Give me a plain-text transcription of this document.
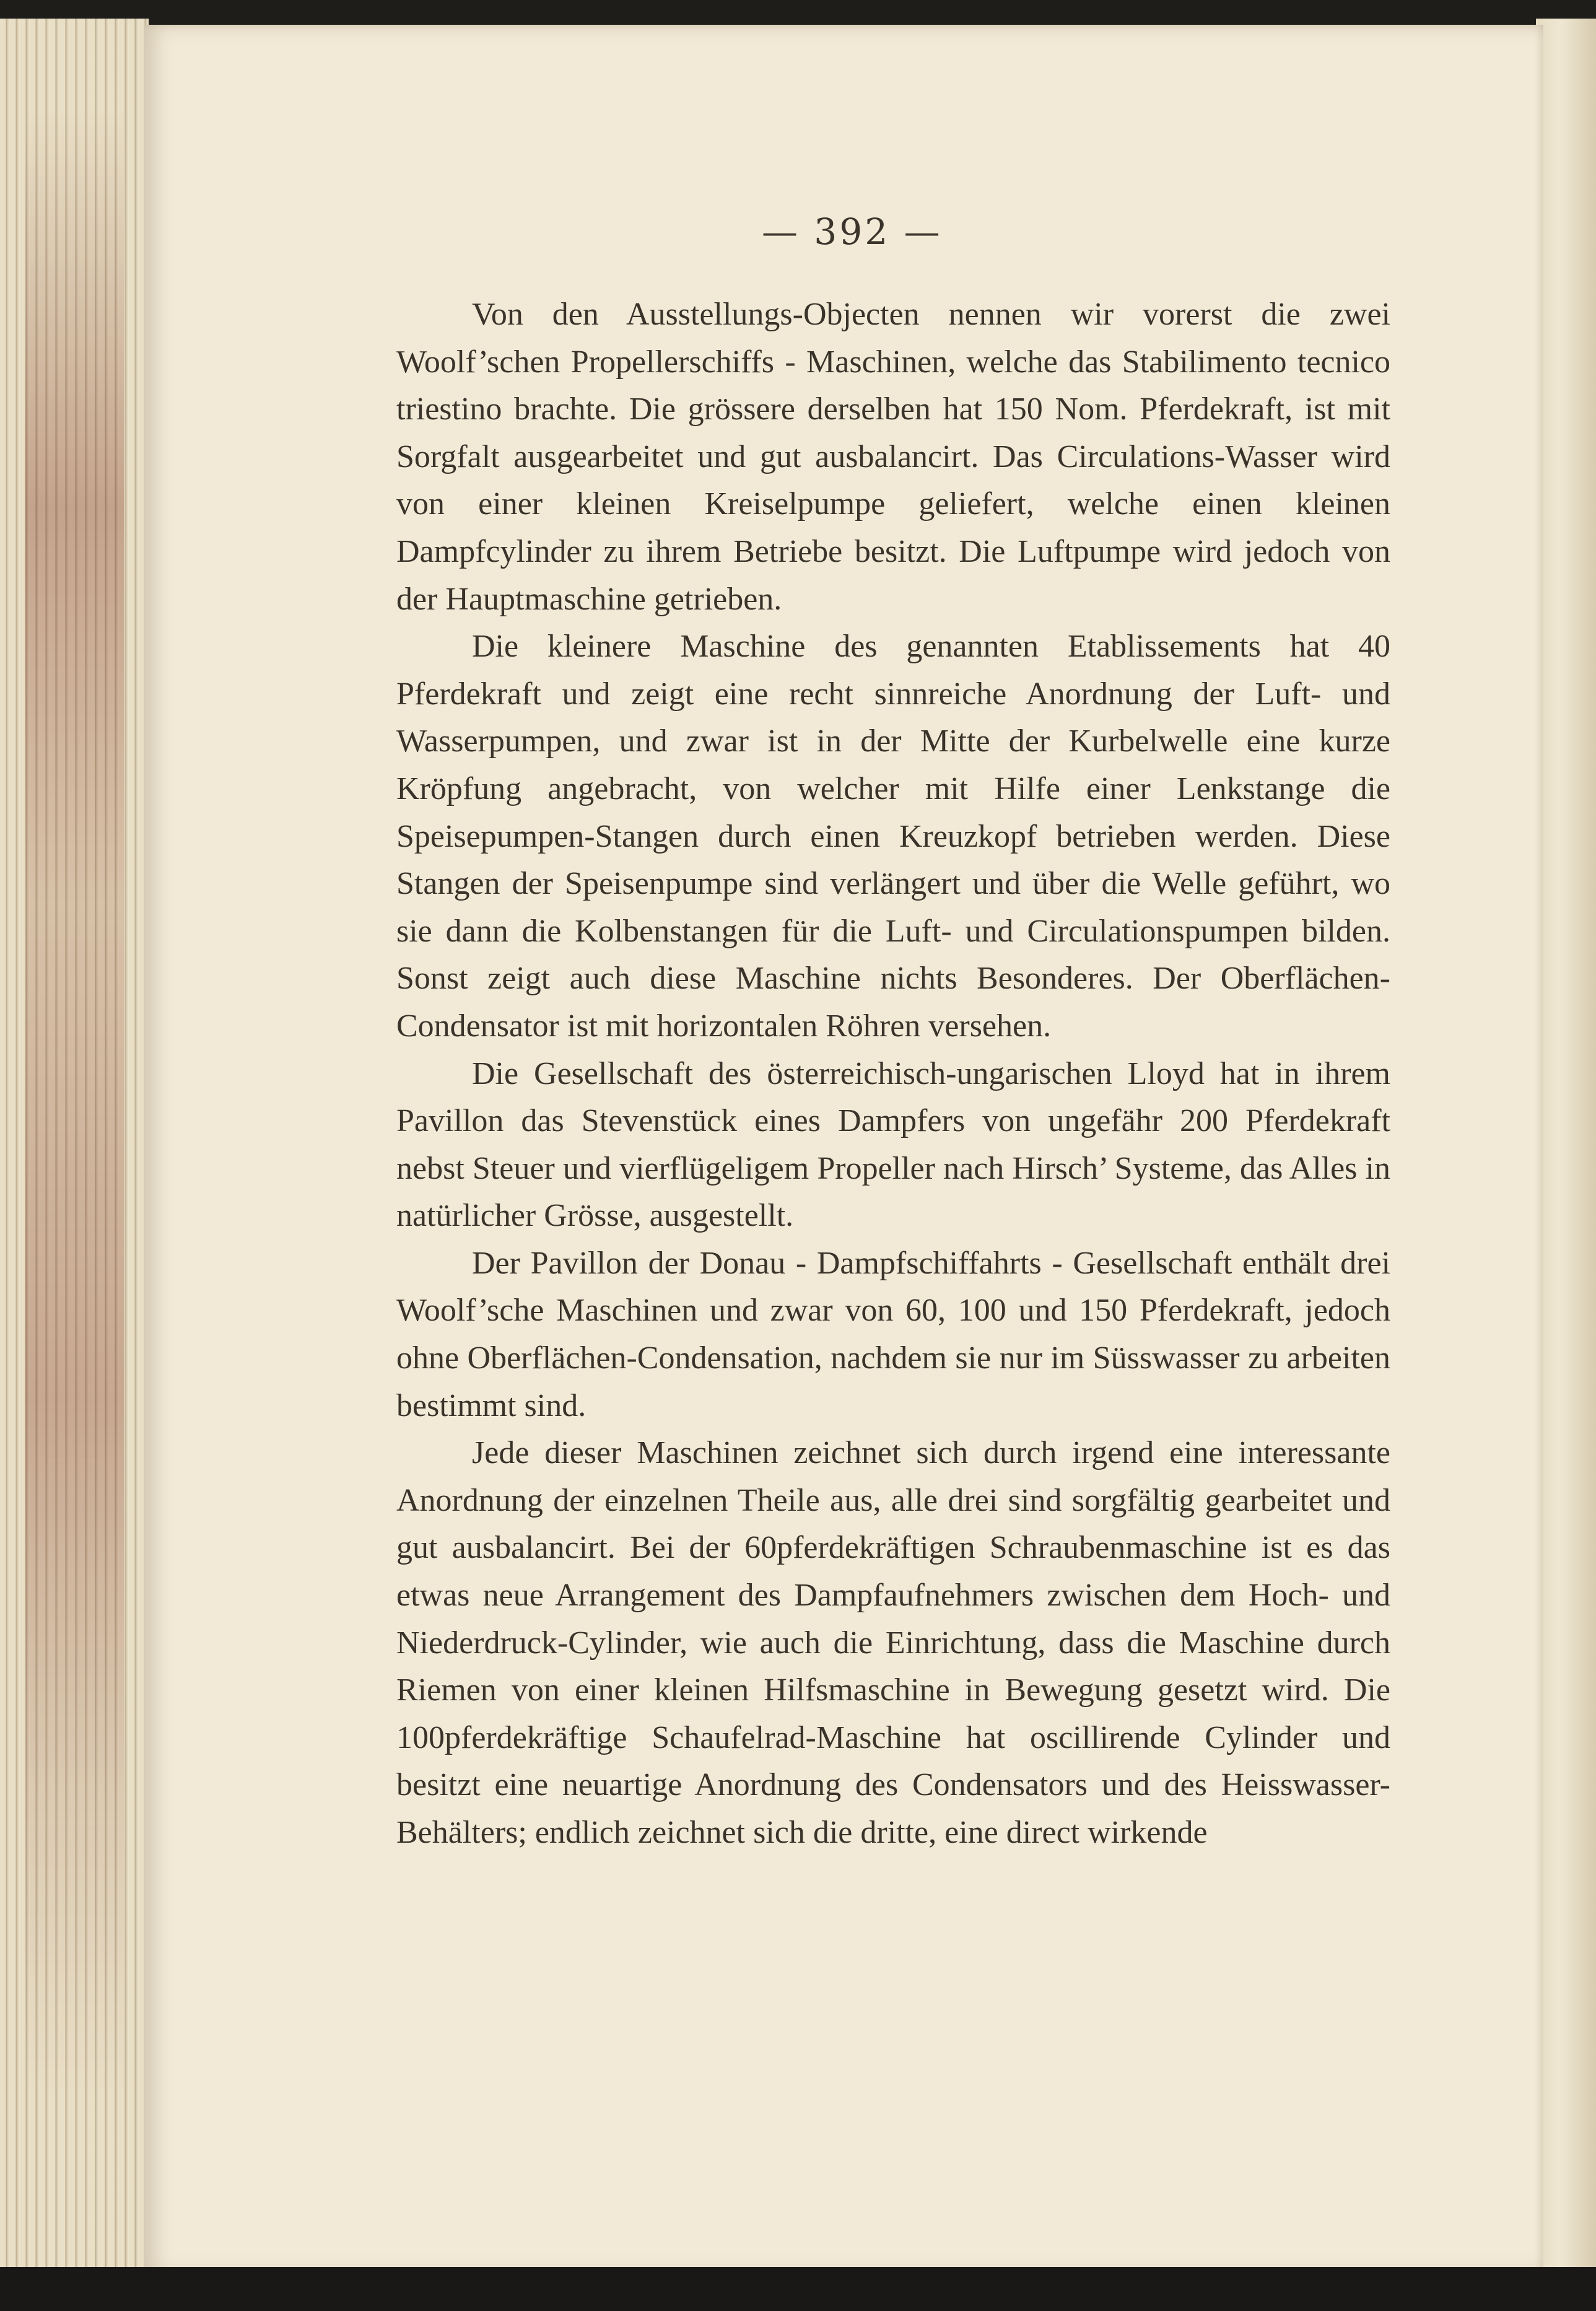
— 392 —

Von den Ausstellungs-Objecten nennen wir vorerst die zwei Woolf’schen Propellerschiffs - Maschinen, welche das Stabilimento tecnico triestino brachte. Die grössere derselben hat 150 Nom. Pferdekraft, ist mit Sorgfalt ausgearbeitet und gut ausbalancirt. Das Circulations-Wasser wird von einer kleinen Kreiselpumpe geliefert, welche einen kleinen Dampfcylinder zu ihrem Betriebe besitzt. Die Luftpumpe wird jedoch von der Hauptmaschine getrieben.

Die kleinere Maschine des genannten Etablissements hat 40 Pferdekraft und zeigt eine recht sinnreiche Anordnung der Luft- und Wasserpumpen, und zwar ist in der Mitte der Kurbelwelle eine kurze Kröpfung angebracht, von welcher mit Hilfe einer Lenkstange die Speisepumpen-Stangen durch einen Kreuzkopf betrieben werden. Diese Stangen der Speisenpumpe sind verlängert und über die Welle geführt, wo sie dann die Kolbenstangen für die Luft- und Circulationspumpen bilden. Sonst zeigt auch diese Maschine nichts Besonderes. Der Oberflächen-Condensator ist mit horizontalen Röhren versehen.

Die Gesellschaft des österreichisch-ungarischen Lloyd hat in ihrem Pavillon das Stevenstück eines Dampfers von ungefähr 200 Pferdekraft nebst Steuer und vierflügeligem Propeller nach Hirsch’ Systeme, das Alles in natürlicher Grösse, ausgestellt.

Der Pavillon der Donau - Dampfschiffahrts - Gesellschaft enthält drei Woolf’sche Maschinen und zwar von 60, 100 und 150 Pferdekraft, jedoch ohne Oberflächen-Condensation, nachdem sie nur im Süsswasser zu arbeiten bestimmt sind.

Jede dieser Maschinen zeichnet sich durch irgend eine interessante Anordnung der einzelnen Theile aus, alle drei sind sorgfältig gearbeitet und gut ausbalancirt. Bei der 60pferdekräftigen Schraubenmaschine ist es das etwas neue Arrangement des Dampfaufnehmers zwischen dem Hoch- und Niederdruck-Cylinder, wie auch die Einrichtung, dass die Maschine durch Riemen von einer kleinen Hilfsmaschine in Bewegung gesetzt wird. Die 100pferdekräftige Schaufelrad-Maschine hat oscillirende Cylinder und besitzt eine neuartige Anordnung des Condensators und des Heisswasser-Behälters; endlich zeichnet sich die dritte, eine direct wirkende
